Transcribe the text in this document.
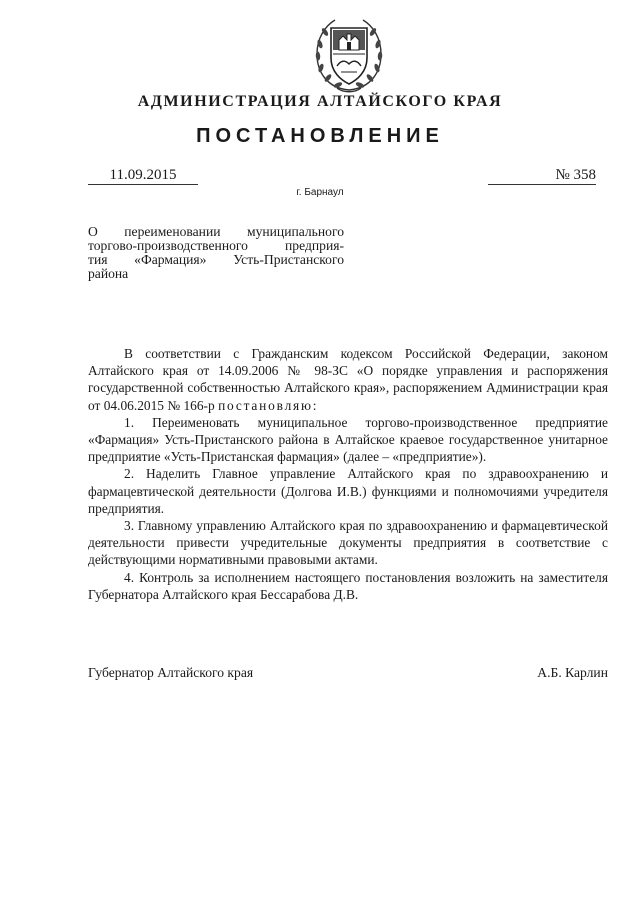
АДМИНИСТРАЦИЯ АЛТАЙСКОГО КРАЯ
ПОСТАНОВЛЕНИЕ
11.09.2015	№ 358
г. Барнаул
О переименовании муниципального
торгово-производственного предприя-
тия «Фармация» Усть-Пристанского
района

В соответствии с Гражданским кодексом Российской Федерации, законом Алтайского края от 14.09.2006 № 98-ЗС «О порядке управления и распоряжения государственной собственностью Алтайского края», распоряжением Администрации края от 04.06.2015 № 166-р постановляю:

1. Переименовать муниципальное торгово-производственное предприятие «Фармация» Усть-Пристанского района в Алтайское краевое государственное унитарное предприятие «Усть-Пристанская фармация» (далее – «предприятие»).

2. Наделить Главное управление Алтайского края по здравоохранению и фармацевтической деятельности (Долгова И.В.) функциями и полномочиями учредителя предприятия.

3. Главному управлению Алтайского края по здравоохранению и фармацевтической деятельности привести учредительные документы предприятия в соответствие с действующими нормативными правовыми актами.

4. Контроль за исполнением настоящего постановления возложить на заместителя Губернатора Алтайского края Бессарабова Д.В.

Губернатор Алтайского края	А.Б. Карлин
